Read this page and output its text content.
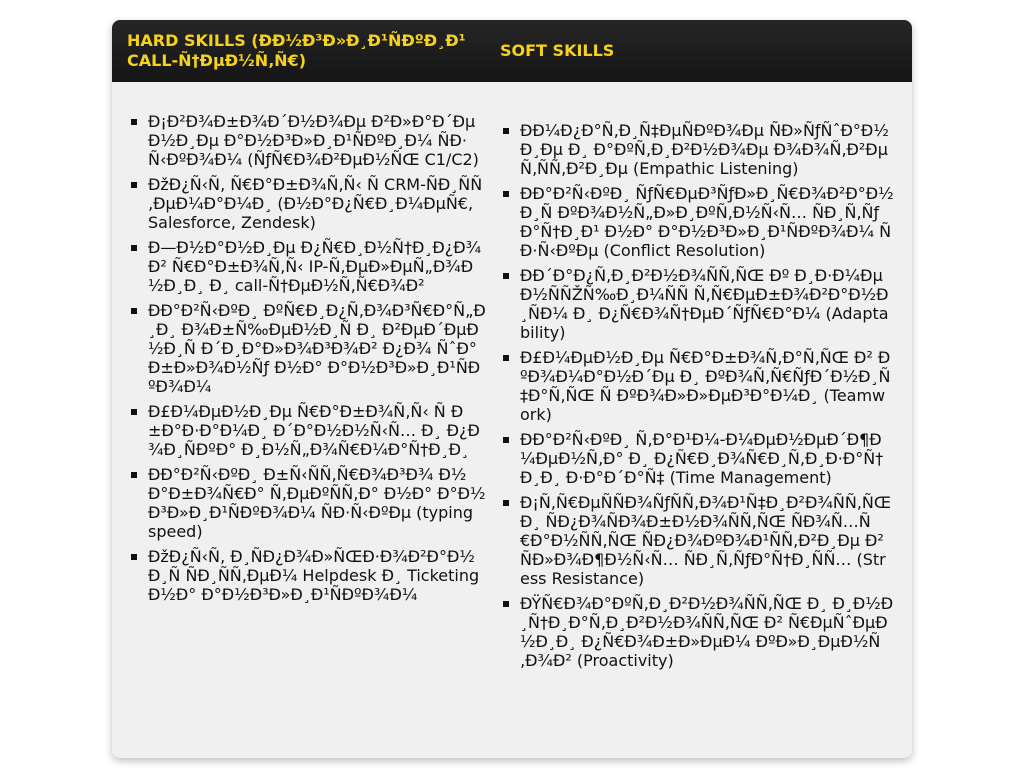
HARD SKILLS (ÐÐ½Ð³Ð»Ð¸Ð¹ÑÐºÐ¸Ð¹ CALL-Ñ†ÐµÐ½Ñ‚Ñ€)
SOFT SKILLS
Ð¡Ð²Ð¾Ð±Ð¾Ð´Ð½Ð¾Ðµ Ð²Ð»Ð°Ð´ÐµÐ½Ð¸Ðµ Ð°Ð½Ð³Ð»Ð¸Ð¹ÑÐºÐ¸Ð¼ ÑÐ·Ñ‹ÐºÐ¾Ð¼ (ÑƒÑ€Ð¾Ð²ÐµÐ½ÑŒ C1/C2)
ÐžÐ¿Ñ‹Ñ‚ Ñ€Ð°Ð±Ð¾Ñ‚Ñ‹ Ñ CRM-ÑÐ¸ÑÑ‚ÐµÐ¼Ð°Ð¼Ð¸ (Ð½Ð°Ð¿Ñ€Ð¸Ð¼ÐµÑ€, Salesforce, Zendesk)
Ð—Ð½Ð°Ð½Ð¸Ðµ Ð¿Ñ€Ð¸Ð½Ñ†Ð¸Ð¿Ð¾Ð² Ñ€Ð°Ð±Ð¾Ñ‚Ñ‹ IP-Ñ‚ÐµÐ»ÐµÑ„Ð¾Ð½Ð¸Ð¸ Ð¸ call-Ñ†ÐµÐ½Ñ‚Ñ€Ð¾Ð²
ÐÐ°Ð²Ñ‹ÐºÐ¸ ÐºÑ€Ð¸Ð¿Ñ‚Ð¾Ð³Ñ€Ð°Ñ„Ð¸Ð¸ Ð¾Ð±Ñ‰ÐµÐ½Ð¸Ñ Ð¸ Ð²ÐµÐ´ÐµÐ½Ð¸Ñ Ð´Ð¸Ð°Ð»Ð¾Ð³Ð¾Ð² Ð¿Ð¾ ÑˆÐ°Ð±Ð»Ð¾Ð½Ñƒ Ð½Ð° Ð°Ð½Ð³Ð»Ð¸Ð¹ÑÐºÐ¾Ð¼
Ð£Ð¼ÐµÐ½Ð¸Ðµ Ñ€Ð°Ð±Ð¾Ñ‚Ñ‹ Ñ Ð±Ð°Ð·Ð°Ð¼Ð¸ Ð´Ð°Ð½Ð½Ñ‹Ñ… Ð¸ Ð¿Ð¾Ð¸ÑÐºÐ° Ð¸Ð½Ñ„Ð¾Ñ€Ð¼Ð°Ñ†Ð¸Ð¸
ÐÐ°Ð²Ñ‹ÐºÐ¸ Ð±Ñ‹ÑÑ‚Ñ€Ð¾Ð³Ð¾ Ð½Ð°Ð±Ð¾Ñ€Ð° Ñ‚ÐµÐºÑÑ‚Ð° Ð½Ð° Ð°Ð½Ð³Ð»Ð¸Ð¹ÑÐºÐ¾Ð¼ ÑÐ·Ñ‹ÐºÐµ (typing speed)
ÐžÐ¿Ñ‹Ñ‚ Ð¸ÑÐ¿Ð¾Ð»ÑŒÐ·Ð¾Ð²Ð°Ð½Ð¸Ñ ÑÐ¸ÑÑ‚ÐµÐ¼ Helpdesk Ð¸ Ticketing Ð½Ð° Ð°Ð½Ð³Ð»Ð¸Ð¹ÑÐºÐ¾Ð¼
ÐÐ¼Ð¿Ð°Ñ‚Ð¸Ñ‡ÐµÑÐºÐ¾Ðµ ÑÐ»ÑƒÑˆÐ°Ð½Ð¸Ðµ Ð¸ Ð°ÐºÑ‚Ð¸Ð²Ð½Ð¾Ðµ Ð¾Ð¾Ñ‚Ð²ÐµÑ‚ÑÑ‚Ð²Ð¸Ðµ (Empathic Listening)
ÐÐ°Ð²Ñ‹ÐºÐ¸ ÑƒÑ€ÐµÐ³ÑƒÐ»Ð¸Ñ€Ð¾Ð²Ð°Ð½Ð¸Ñ ÐºÐ¾Ð½Ñ„Ð»Ð¸ÐºÑ‚Ð½Ñ‹Ñ… ÑÐ¸Ñ‚ÑƒÐ°Ñ†Ð¸Ð¹ Ð½Ð° Ð°Ð½Ð³Ð»Ð¸Ð¹ÑÐºÐ¾Ð¼ ÑÐ·Ñ‹ÐºÐµ (Conflict Resolution)
ÐÐ´Ð°Ð¿Ñ‚Ð¸Ð²Ð½Ð¾ÑÑ‚ÑŒ Ðº Ð¸Ð·Ð¼ÐµÐ½ÑÑŽÑ‰Ð¸Ð¼ÑÑ Ñ‚Ñ€ÐµÐ±Ð¾Ð²Ð°Ð½Ð¸ÑÐ¼ Ð¸ Ð¿Ñ€Ð¾Ñ†ÐµÐ´ÑƒÑ€Ð°Ð¼ (Adaptability)
Ð£Ð¼ÐµÐ½Ð¸Ðµ Ñ€Ð°Ð±Ð¾Ñ‚Ð°Ñ‚ÑŒ Ð² ÐºÐ¾Ð¼Ð°Ð½Ð´Ðµ Ð¸ ÐºÐ¾Ñ‚Ñ€ÑƒÐ´Ð½Ð¸Ñ‡Ð°Ñ‚ÑŒ Ñ ÐºÐ¾Ð»Ð»ÐµÐ³Ð°Ð¼Ð¸ (Teamwork)
ÐÐ°Ð²Ñ‹ÐºÐ¸ Ñ‚Ð°Ð¹Ð¼-Ð¼ÐµÐ½ÐµÐ´Ð¶Ð¼ÐµÐ½Ñ‚Ð° Ð¸ Ð¿Ñ€Ð¸Ð¾Ñ€Ð¸Ñ‚Ð¸Ð·Ð°Ñ†Ð¸Ð¸ Ð·Ð°Ð´Ð°Ñ‡ (Time Management)
Ð¡Ñ‚Ñ€ÐµÑÑÐ¾ÑƒÑÑ‚Ð¾Ð¹Ñ‡Ð¸Ð²Ð¾ÑÑ‚ÑŒ Ð¸ ÑÐ¿Ð¾ÑÐ¾Ð±Ð½Ð¾ÑÑ‚ÑŒ ÑÐ¾Ñ…Ñ€Ð°Ð½ÑÑ‚ÑŒ ÑÐ¿Ð¾ÐºÐ¾Ð¹ÑÑ‚Ð²Ð¸Ðµ Ð² ÑÐ»Ð¾Ð¶Ð½Ñ‹Ñ… ÑÐ¸Ñ‚ÑƒÐ°Ñ†Ð¸ÑÑ… (Stress Resistance)
ÐŸÑ€Ð¾Ð°ÐºÑ‚Ð¸Ð²Ð½Ð¾ÑÑ‚ÑŒ Ð¸ Ð¸Ð½Ð¸Ñ†Ð¸Ð°Ñ‚Ð¸Ð²Ð½Ð¾ÑÑ‚ÑŒ Ð² Ñ€ÐµÑˆÐµÐ½Ð¸Ð¸ Ð¿Ñ€Ð¾Ð±Ð»ÐµÐ¼ ÐºÐ»Ð¸ÐµÐ½Ñ‚Ð¾Ð² (Proactivity)
